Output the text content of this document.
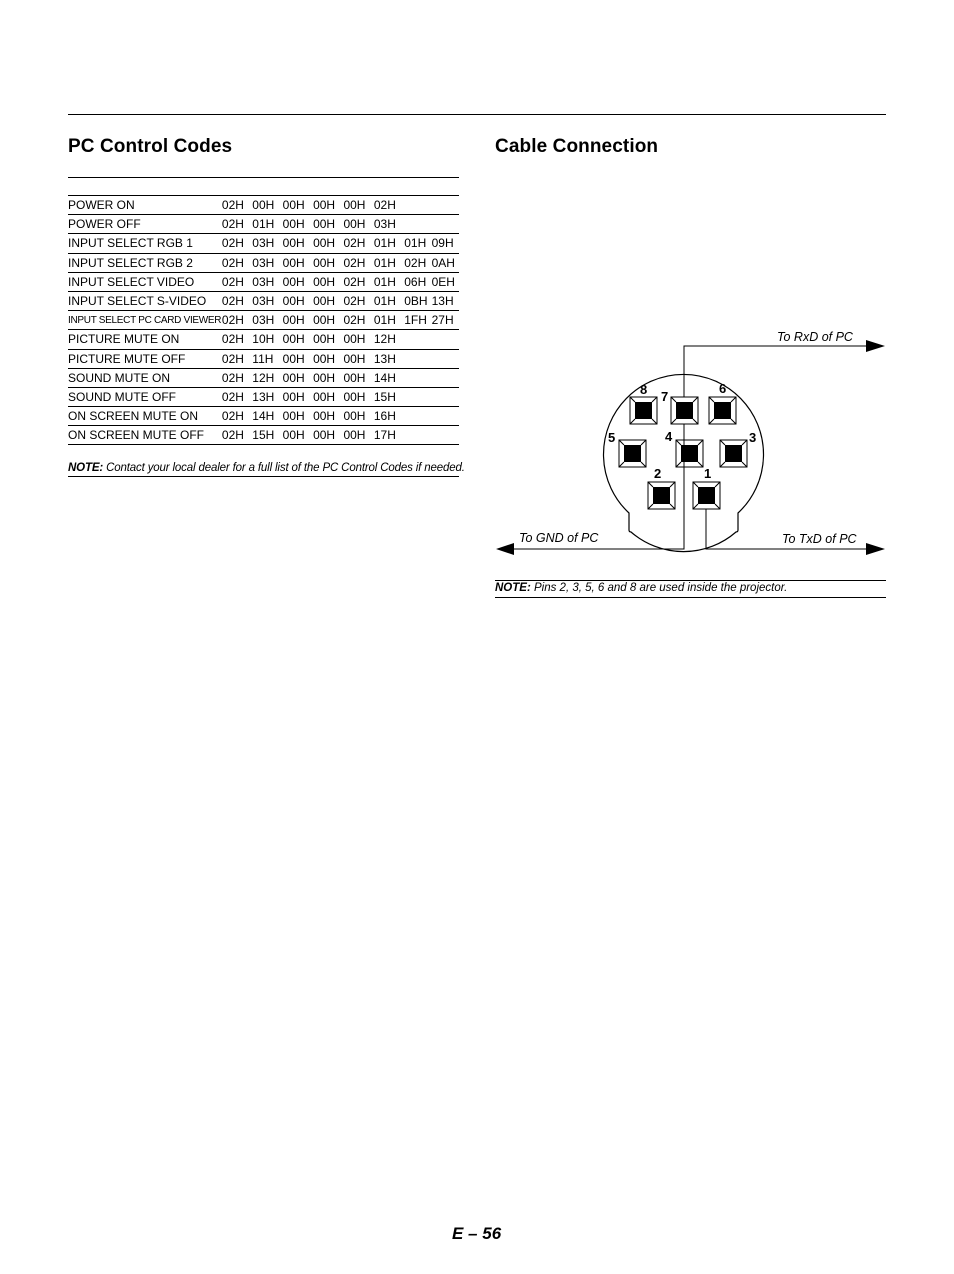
PC Control Codes	Cable Connection
POWER ON	02H	00H	00H	00H	00H	02H		
POWER OFF	02H	01H	00H	00H	00H	03H		
INPUT SELECT RGB 1	02H	03H	00H	00H	02H	01H	01H	09H
INPUT SELECT RGB 2	02H	03H	00H	00H	02H	01H	02H	0AH
INPUT SELECT VIDEO	02H	03H	00H	00H	02H	01H	06H	0EH
INPUT SELECT S-VIDEO	02H	03H	00H	00H	02H	01H	0BH	13H
INPUT SELECT PC CARD VIEWER	02H	03H	00H	00H	02H	01H	1FH	27H
PICTURE MUTE ON	02H	10H	00H	00H	00H	12H		
PICTURE MUTE OFF	02H	11H	00H	00H	00H	13H		
SOUND MUTE ON	02H	12H	00H	00H	00H	14H		
SOUND MUTE OFF	02H	13H	00H	00H	00H	15H		
ON SCREEN MUTE ON	02H	14H	00H	00H	00H	16H		
ON SCREEN MUTE OFF	02H	15H	00H	00H	00H	17H		
NOTE: Contact your local dealer for a full list of the PC Control Codes if needed.
8 7
6
5	4	3
2	1
To RxD of PC
To GND of PC	To TxD of PC
NOTE: Pins 2, 3, 5, 6 and 8 are used inside the projector.
E – 56
